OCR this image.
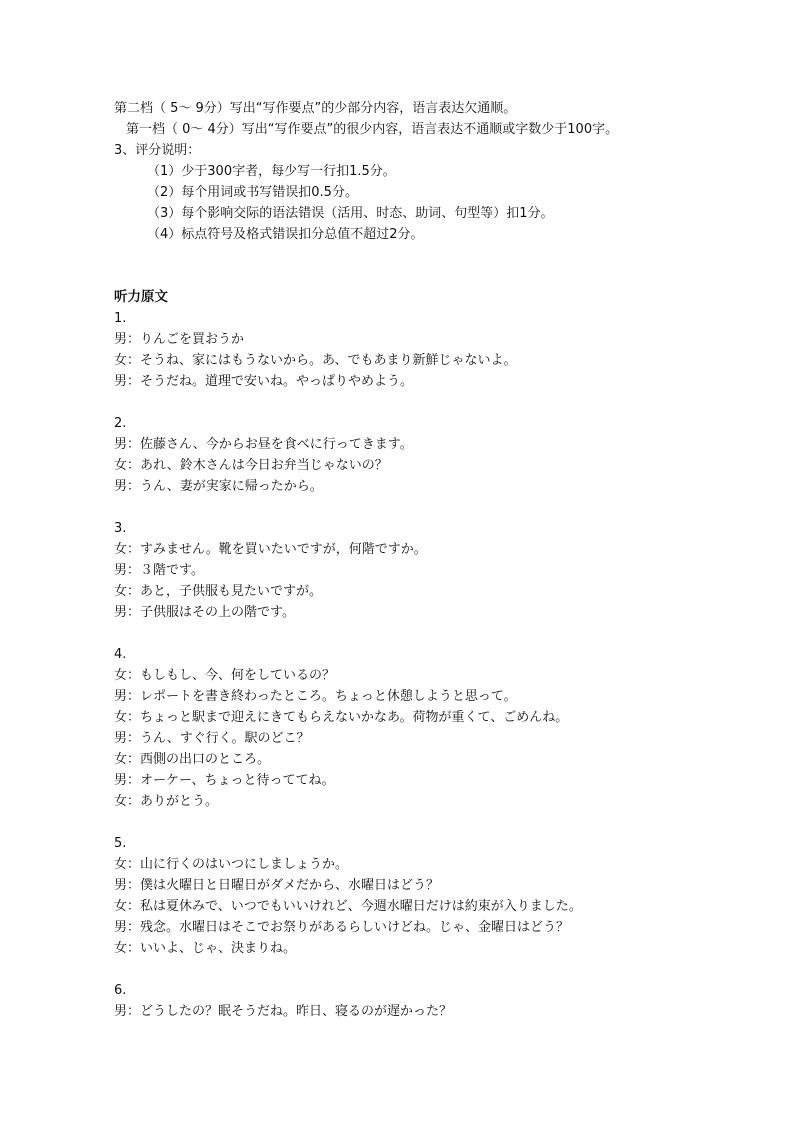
第二档（ 5～ 9分）写出“写作要点”的少部分内容，语言表达欠通顺。
第一档（ 0～ 4分）写出“写作要点”的很少内容，语言表达不通顺或字数少于100字。
3、评分说明：
（1）少于300字者，每少写一行扣1.5分。
（2）每个用词或书写错误扣0.5分。
（3）每个影响交际的语法错误（活用、时态、助词、句型等）扣1分。
（4）标点符号及格式错误扣分总值不超过2分。
听力原文
1.
男：りんごを買おうか
女：そうね、家にはもうないから。あ、でもあまり新鮮じゃないよ。
男：そうだね。道理で安いね。やっぱりやめよう。
2.
男：佐藤さん、今からお昼を食べに行ってきます。
女：あれ、鈴木さんは今日お弁当じゃないの？
男：うん、妻が実家に帰ったから。
3.
女：すみません。靴を買いたいですが，何階ですか。
男：３階です。
女：あと，子供服も見たいですが。
男：子供服はその上の階です。
4.
女：もしもし、今、何をしているの？
男：レポートを書き終わったところ。ちょっと休憩しようと思って。
女：ちょっと駅まで迎えにきてもらえないかなあ。荷物が重くて、ごめんね。
男：うん、すぐ行く。駅のどこ？
女：西側の出口のところ。
男：オーケー、ちょっと待っててね。
女：ありがとう。
5.
女：山に行くのはいつにしましょうか。
男：僕は火曜日と日曜日がダメだから、水曜日はどう？
女：私は夏休みで、いつでもいいけれど、今週水曜日だけは約束が入りました。
男：残念。水曜日はそこでお祭りがあるらしいけどね。じゃ、金曜日はどう？
女：いいよ、じゃ、決まりね。
6.
男：どうしたの？眠そうだね。昨日、寝るのが遅かった？
